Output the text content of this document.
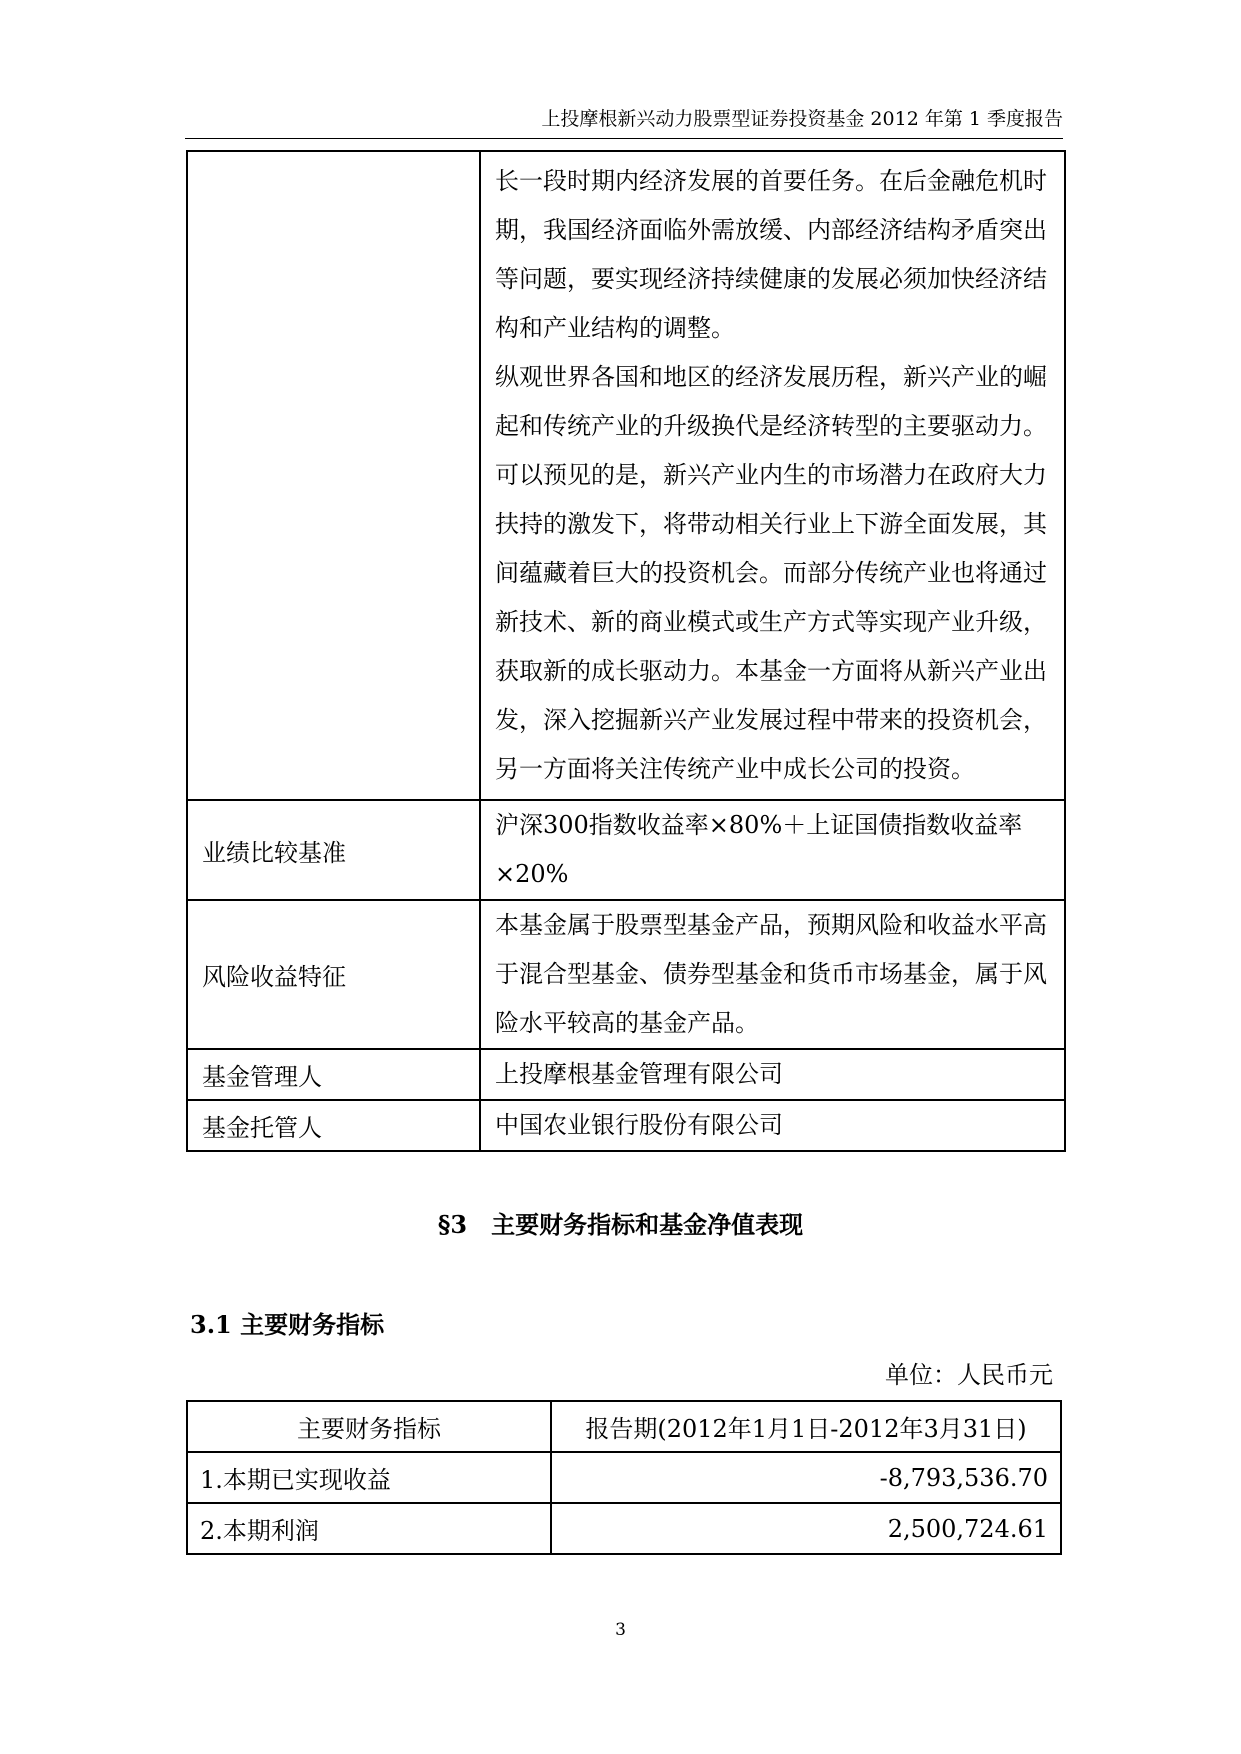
上投摩根新兴动力股票型证券投资基金 2012 年第 1 季度报告

	长一段时期内经济发展的首要任务。在后金融危机时期，我国经济面临外需放缓、内部经济结构矛盾突出等问题，要实现经济持续健康的发展必须加快经济结构和产业结构的调整。

纵观世界各国和地区的经济发展历程，新兴产业的崛起和传统产业的升级换代是经济转型的主要驱动力。可以预见的是，新兴产业内生的市场潜力在政府大力扶持的激发下，将带动相关行业上下游全面发展，其间蕴藏着巨大的投资机会。而部分传统产业也将通过新技术、新的商业模式或生产方式等实现产业升级，获取新的成长驱动力。本基金一方面将从新兴产业出发，深入挖掘新兴产业发展过程中带来的投资机会，另一方面将关注传统产业中成长公司的投资。

业绩比较基准	沪深300指数收益率×80%＋上证国债指数收益率×20%

风险收益特征	本基金属于股票型基金产品，预期风险和收益水平高于混合型基金、债券型基金和货币市场基金，属于风险水平较高的基金产品。

基金管理人	上投摩根基金管理有限公司

基金托管人	中国农业银行股份有限公司

§3　主要财务指标和基金净值表现
3.1 主要财务指标
单位：人民币元
主要财务指标	报告期(2012年1月1日-2012年3月31日)
1.本期已实现收益	-8,793,536.70
2.本期利润	2,500,724.61
3
